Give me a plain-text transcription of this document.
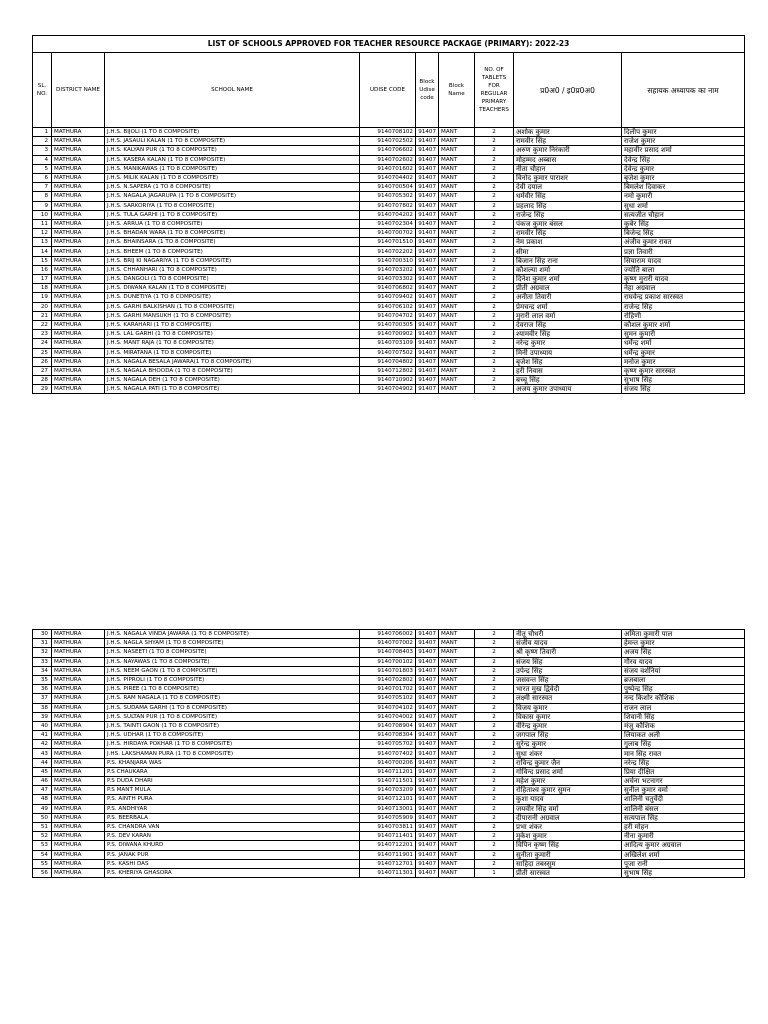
LIST OF SCHOOLS APPROVED FOR TEACHER RESOURCE PACKAGE (PRIMARY): 2022-23								
SL. NO.	DISTRICT NAME	SCHOOL NAME	UDISE CODE	Block Udise code	Block Name	NO. OF TABLETS FOR REGULAR PRIMARY TEACHERS	प्र0अ0 / इ0प्र0अ0	सहायक अध्यापक का नाम
1	MATHURA	J.H.S. BIJOLI (1 TO 8 COMPOSITE)	9140708102	91407	MANT	2	अशोक कुमार	दिलीप कुमार
2	MATHURA	J.H.S. JASAULI KALAN (1 TO 8 COMPOSITE)	9140702502	91407	MANT	2	रामवीर सिंह	राजेश कुमार
3	MATHURA	J.H.S. KALYAN PUR (1 TO 8 COMPOSITE)	9140706602	91407	MANT	2	अरुण कुमार निरंकारी	महावीर प्रसाद शर्मा
4	MATHURA	J.H.S. KASERA KALAN (1 TO 8 COMPOSITE)	9140702602	91407	MANT	2	मोहम्मद अब्बास	देवेन्द्र सिंह
5	MATHURA	J.H.S. MANIKAWAS (1 TO 8 COMPOSITE)	9140701602	91407	MANT	2	नीता चौहान	देवेन्द्र कुमार
6	MATHURA	J.H.S. MILIK KALAN (1 TO 8 COMPOSITE)	9140704402	91407	MANT	2	विनोद कुमार पाराशर	बृजेश कुमार
7	MATHURA	J.H.S. N.SAPERA (1 TO 8 COMPOSITE)	9140700504	91407	MANT	2	देवी दयाल	बिमलेश दिवाकर
8	MATHURA	J.H.S. NAGALA JAGARUPA (1 TO 8 COMPOSITE)	9140705302	91407	MANT	2	धर्मवीर सिंह	नमो कुमारी
9	MATHURA	J.H.S. SARKORIYA (1 TO 8 COMPOSITE)	9140707802	91407	MANT	2	प्रहलाद सिंह	सुधा शर्मा
10	MATHURA	J.H.S. TULA GARHI (1 TO 8 COMPOSITE)	9140704202	91407	MANT	2	राजेन्द्र सिंह	सत्यजीत चौहान
11	MATHURA	J.H.S. ARRUA (1 TO 8 COMPOSITE)	9140702304	91407	MANT	2	पंकज कुमार बंसल	कुबेर सिंह
12	MATHURA	J.H.S. BHADAN WARA (1 TO 8 COMPOSITE)	9140700702	91407	MANT	2	रामवीर सिंह	बिजेन्द्र सिंह
13	MATHURA	J.H.S. BHAINSARA (1 TO 8 COMPOSITE)	9140701510	91407	MANT	2	नेम प्रकाश	अंजीव कुमार रावत
14	MATHURA	J.H.S. BHEEM (1 TO 8 COMPOSITE)	9140702202	91407	MANT	2	सीमा	प्रज्ञा तिवारी
15	MATHURA	J.H.S. BRIJ KI NAGARIYA (1 TO 8 COMPOSITE)	9140700310	91407	MANT	2	बिजान सिंह राना	सियाराम यादव
16	MATHURA	J.H.S. CHHANHARI (1 TO 8 COMPOSITE)	9140703202	91407	MANT	2	कौशल्या शर्मा	ज्योति बाला
17	MATHURA	J.H.S. DANGOLI (1 TO 8 COMPOSITE)	9140703302	91407	MANT	2	दिनेश कुमार शर्मा	कृष्ण मुरारी यादव
18	MATHURA	J.H.S. DIWANA KALAN (1 TO 8 COMPOSITE)	9140706802	91407	MANT	2	प्रीती अग्रवाल	नेहा अग्रवाल
19	MATHURA	J.H.S. DUNETIYA (1 TO 8 COMPOSITE)	9140709402	91407	MANT	2	अनीता तिवारी	राघवेन्द्र प्रकाश सारस्वत
20	MATHURA	J.H.S. GARHI BALKISHAN (1 TO 8 COMPOSITE)	9140706102	91407	MANT	2	प्रेमचन्द्र शर्मा	राजेन्द्र सिंह
21	MATHURA	J.H.S. GARHI MANSUKH (1 TO 8 COMPOSITE)	9140704702	91407	MANT	2	मुरारी लाल वर्मा	रोहिणी
22	MATHURA	J.H.S. KARAHARI (1 TO 8 COMPOSITE)	9140700305	91407	MANT	2	देवराज सिंह	कौशल कुमार शर्मा
23	MATHURA	J.H.S. LAL GARHI (1 TO 8 COMPOSITE)	9140700902	91407	MANT	2	श्यामवीर सिंह	सुमन कुमारी
24	MATHURA	J.H.S. MANT RAJA (1 TO 8 COMPOSITE)	9140703109	91407	MANT	2	नरेन्द्र कुमार	धर्मेन्द्र शर्मा
25	MATHURA	J.H.S. MIRATANA (1 TO 8 COMPOSITE)	9140707502	91407	MANT	2	मिनी उपाध्याय	धर्मेन्द्र कुमार
26	MATHURA	J.H.S. NAGALA BESALA JAWARA(1 TO 8 COMPOSITE)	9140704802	91407	MANT	2	बृजेश सिंह	मनोज कुमार
27	MATHURA	J.H.S. NAGALA BHOODA (1 TO 8 COMPOSITE)	9140712802	91407	MANT	2	हरी निवास	कृष्ण कुमार सारस्वत
28	MATHURA	J.H.S. NAGALA DEH (1 TO 8 COMPOSITE)	9140710902	91407	MANT	2	बच्चू सिंह	सुभाष सिंह
29	MATHURA	J.H.S. NAGALA PATI (1 TO 8 COMPOSITE)	9140704902	91407	MANT	2	अजय कुमार उपाध्याय	संजय सिंह
30	MATHURA	J.H.S. NAGALA VINDA JAWARA (1 TO 8 COMPOSITE)	9140706002	91407	MANT	2	नीतू चौधरी	अमिता कुमारी पाल
31	MATHURA	J.H.S. NAGLA SHYAM (1 TO 8 COMPOSITE)	9140707002	91407	MANT	2	संजीव यादव	हेमन्त कुमार
32	MATHURA	J.H.S. NASEETI (1 TO 8 COMPOSITE)	9140708403	91407	MANT	2	श्री कृष्ण तिवारी	अजय सिंह
33	MATHURA	J.H.S. NAYAWAS (1 TO 8 COMPOSITE)	9140700102	91407	MANT	2	संजय सिंह	गौरव यादव
34	MATHURA	J.H.S. NEEM GAON (1 TO 8 COMPOSITE)	9140701803	91407	MANT	2	उपेन्द्र सिंह	संजय वर्शनियां
35	MATHURA	J.H.S. PIPROLI (1 TO 8 COMPOSITE)	9140702802	91407	MANT	2	जसवन्त सिंह	ब्रजबाला
36	MATHURA	J.H.S. PIREE (1 TO 8 COMPOSITE)	9140701702	91407	MANT	2	भारत मुख द्विवेदी	पुष्पेन्द्र सिंह
37	MATHURA	J.H.S. RAM NAGALA (1 TO 8 COMPOSITE)	9140705102	91407	MANT	2	लक्ष्मी सारस्वत	नन्द किशोर कौशिक
38	MATHURA	J.H.S. SUDAMA GARHI (1 TO 8 COMPOSITE)	9140704102	91407	MANT	2	विजय कुमार	राजन लाल
39	MATHURA	J.H.S. SULTAN PUR (1 TO 8 COMPOSITE)	9140704002	91407	MANT	2	विकास कुमार	शिवानी सिंह
40	MATHURA	J.H.S. TAINTI GAON (1 TO 8 COMPOSITE)	9140708904	91407	MANT	2	वीरेन्द्र कुमार	मंजु कौशिक
41	MATHURA	J.H.S. UDHAR (1 TO 8 COMPOSITE)	9140708304	91407	MANT	2	जगपाल सिंह	लियाकत अली
42	MATHURA	J.H.S. HIRDAYA POKHAR (1 TO 8 COMPOSITE)	9140705702	91407	MANT	2	सुरेन्द्र कुमार	गुलाब सिंह
43	MATHURA	J.HS. LAKSHAMAN PURA (1 TO 8 COMPOSITE)	9140707402	91407	MANT	2	सुधा शंकर	मान सिंह रावत
44	MATHURA	P.S. KHANJARA WAS	9140700206	91407	MANT	2	राविन्द्र कुमार जैन	नरेन्द्र सिंह
45	MATHURA	P.S CHAUKARA	9140711201	91407	MANT	2	गोविन्द प्रसाद शर्मा	प्रिया दीक्षित
46	MATHURA	P.S DUDA DHARI	9140711501	91407	MANT	2	महेश कुमार	अर्चना भटनागर
47	MATHURA	P.S MANT MULA	9140703209	91407	MANT	2	रोहिताश्व कुमार सुमन	सुनील कुमार वर्मा
48	MATHURA	P.S. AINTH PURA	9140712101	91407	MANT	2	कुशा यादव	शालिनी चतुर्वेदी
49	MATHURA	P.S. ANDHIYAR	9140713001	91407	MANT	2	जयवीर सिंह वर्मा	शालिनी बंसल
50	MATHURA	P.S. BEERBALA	9140705909	91407	MANT	2	दीपारानी अग्रवाल	सत्यपाल सिंह
51	MATHURA	P.S. CHANDRA VAN	9140703811	91407	MANT	2	प्रभा शंकर	हरी मोहन
52	MATHURA	P.S. DEV KARAN	9140711401	91407	MANT	2	मुकेश कुमार	नीना कुमारी
53	MATHURA	P.S. DIWANA KHURD	9140712201	91407	MANT	2	विपिन कृष्ण सिंह	आदित्य कुमार अग्रवाल
54	MATHURA	P.S. JANAK PUR	9140711901	91407	MANT	2	सुनीता कुमारी	अखिलेश शर्मा
55	MATHURA	P.S. KASHI DAS	9140712701	91407	MANT	2	साहिदा तबस्सुम	पूजा रानी
56	MATHURA	P.S. KHERIYA GHASORA	9140711301	91407	MANT	1	प्रीती सारस्वत	सुभाष सिंह
